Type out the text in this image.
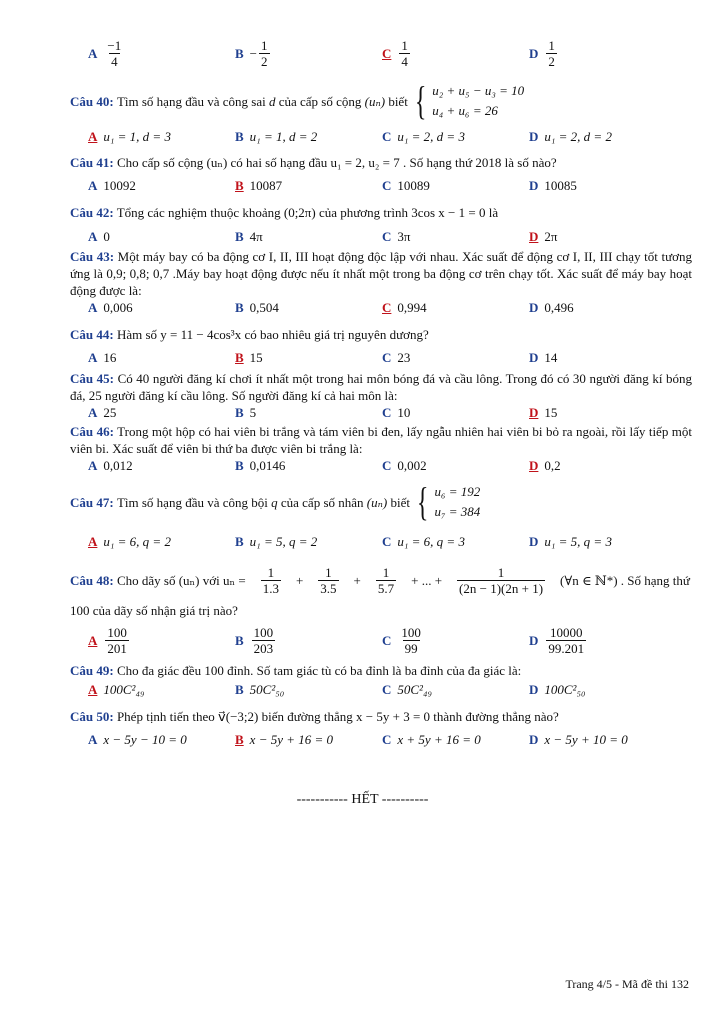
A $\frac{-1}{4}$	$B - \frac{1}{2}$	C $\frac{1}{4}$	D $\frac{1}{2}$
Câu 40:
Tìm số hạng đầu và công sai
d
của cấp số cộng
(uₙ)
biết
{ u₂ + u₅ − u₃ = 10
u₄ + u₆ = 26
A u₁ = 1, d = 3	B u₁ = 1, d = 2	C u₁ = 2, d = 3	D u₁ = 2, d = 2

Câu 41: Cho cấp số cộng (uₙ) có hai số hạng đầu u₁ = 2, u₂ = 7 . Số hạng thứ 2018 là số nào?

A 10092	B 10087	C 10089	D 10085

Câu 42: Tổng các nghiệm thuộc khoảng (0;2π) của phương trình 3cos x − 1 = 0 là

A 0	B 4π	C 3π	D 2π

Câu 43: Một máy bay có ba động cơ I, II, III hoạt động độc lập với nhau. Xác suất để động cơ I, II, III chạy tốt tương ứng là 0,9; 0,8; 0,7 .Máy bay hoạt động được nếu ít nhất một trong ba động cơ trên chạy tốt. Xác suất để máy bay hoạt động được là:

A 0,006	B 0,504	C 0,994	D 0,496

Câu 44: Hàm số y = 11 − 4cos³x có bao nhiêu giá trị nguyên dương?

A 16	B 15	C 23	D 14

Câu 45: Có 40 người đăng kí chơi ít nhất một trong hai môn bóng đá và cầu lông. Trong đó có 30 người đăng kí bóng đá, 25 người đăng kí cầu lông. Số người đăng kí cả hai môn là:

A 25	B 5	C 10	D 15

Câu 46: Trong một hộp có hai viên bi trắng và tám viên bi đen, lấy ngẫu nhiên hai viên bi bỏ ra ngoài, rồi lấy tiếp một viên bi. Xác suất để viên bi thứ ba được viên bi trắng là:

A 0,012	B 0,0146	C 0,002	D 0,2
Câu 47:
Tìm số hạng đầu và công bội
q
của cấp số nhân
(uₙ)
biết
{ u₆ = 192
u₇ = 384
A u₁ = 6, q = 2	B u₁ = 5, q = 2	C u₁ = 6, q = 3	D u₁ = 5, q = 3
Câu 48: Cho dãy số (uₙ) với $u_n = \frac{1}{1.3} + \frac{1}{3.5} + \frac{1}{5.7}$ + ... + $\frac{1}{(2n - 1)(2n + 1)}$ (∀n ∈ ℕ*) . Số hạng thứ

100 của dãy số nhận giá trị nào?

A $\frac{100}{201}$	B $\frac{100}{203}$	C $\frac{100}{99}$	D $\frac{10000}{99.201}$

Câu 49: Cho đa giác đều 100 đỉnh. Số tam giác tù có ba đỉnh là ba đỉnh của đa giác là:

A 100C²₄₉	B 50C²₅₀	C 50C²₄₉	D 100C²₅₀

Câu 50: Phép tịnh tiến theo v⃗(−3;2) biến đường thẳng x − 5y + 3 = 0 thành đường thẳng nào?

A x − 5y − 10 = 0	B x − 5y + 16 = 0	C x + 5y + 16 = 0	D x − 5y + 10 = 0
----------- HẾT ----------
Trang 4/5 - Mã đề thi 132
